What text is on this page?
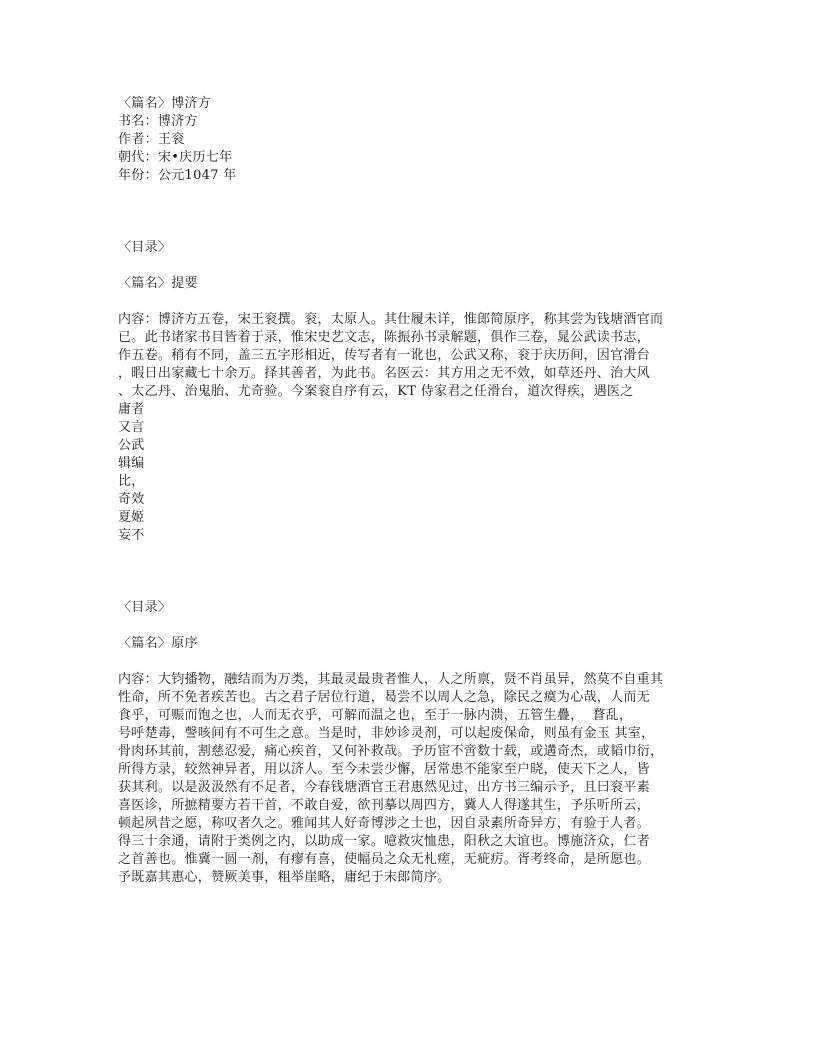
〈篇名〉博济方
书名：博济方
作者：王衮
朝代：宋•庆历七年
年份：公元1047 年
〈目录〉
〈篇名〉提要
内容：博济方五卷，宋王衮撰。衮，太原人。其仕履未详，惟郎简原序，称其尝为钱塘酒官而
已。此书诸家书目皆着于录，惟宋史艺文志，陈振孙书录解题，俱作三卷，晁公武读书志，
作五卷。稍有不同，盖三五字形相近，传写者有一讹也，公武又称，衮于庆历间，因官滑台
，暇日出家藏七十余万。择其善者，为此书。名医云：其方用之无不效，如草还丹、治大风
、太乙丹、治鬼胎、尤奇验。今案衮自序有云，KT 侍家君之任滑台，道次得疾，遇医之
庸者
又言
公武
辑编
比，
奇效
夏姬
妄不
〈目录〉
〈篇名〉原序
内容：大钧播物，融结而为万类，其最灵最贵者惟人，人之所禀，贤不肖虽异，然莫不自重其
性命，所不免者疾苦也。古之君子居位行道，曷尝不以周人之急，除民之瘼为心哉，人而无
食乎，可赈而饱之也，人而无衣乎，可解而温之也，至于一脉内溃，五管生疊，  瞀乱，
号呼楚毒，謦咳间有不可生之意。当是时，非妙诊灵剂，可以起废保命，则虽有金玉 其室，
骨肉环其前，割慈忍爱，痛心疾首，又何补救哉。予历宦不啻数十载，或遘奇杰，或韬巾衍，
所得方录，较然神异者，用以济人。至今未尝少懈，居常患不能家至户晓，使天下之人，皆
获其利。以是汲汲然有不足者，今春钱塘酒官王君惠然见过，出方书三编示予，且曰衮平素
喜医诊，所摭精要方若干首，不敢自爱，欲刊摹以周四方，冀人人得遂其生，予乐听所云，
顿起夙昔之愿，称叹者久之。雅闻其人好奇博涉之士也，因自录素所奇异方，有验于人者。
得三十余通，请附于类例之内，以助成一家。噫救灾恤患，阳秋之大谊也。博施济众，仁者
之首善也。惟冀一圆一剂，有瘳有喜，使幅员之众无札瘥，无疵疠。胥考终命，是所愿也。
予既嘉其惠心，赞厥美事，粗举崖略，庸纪于末郎简序。
